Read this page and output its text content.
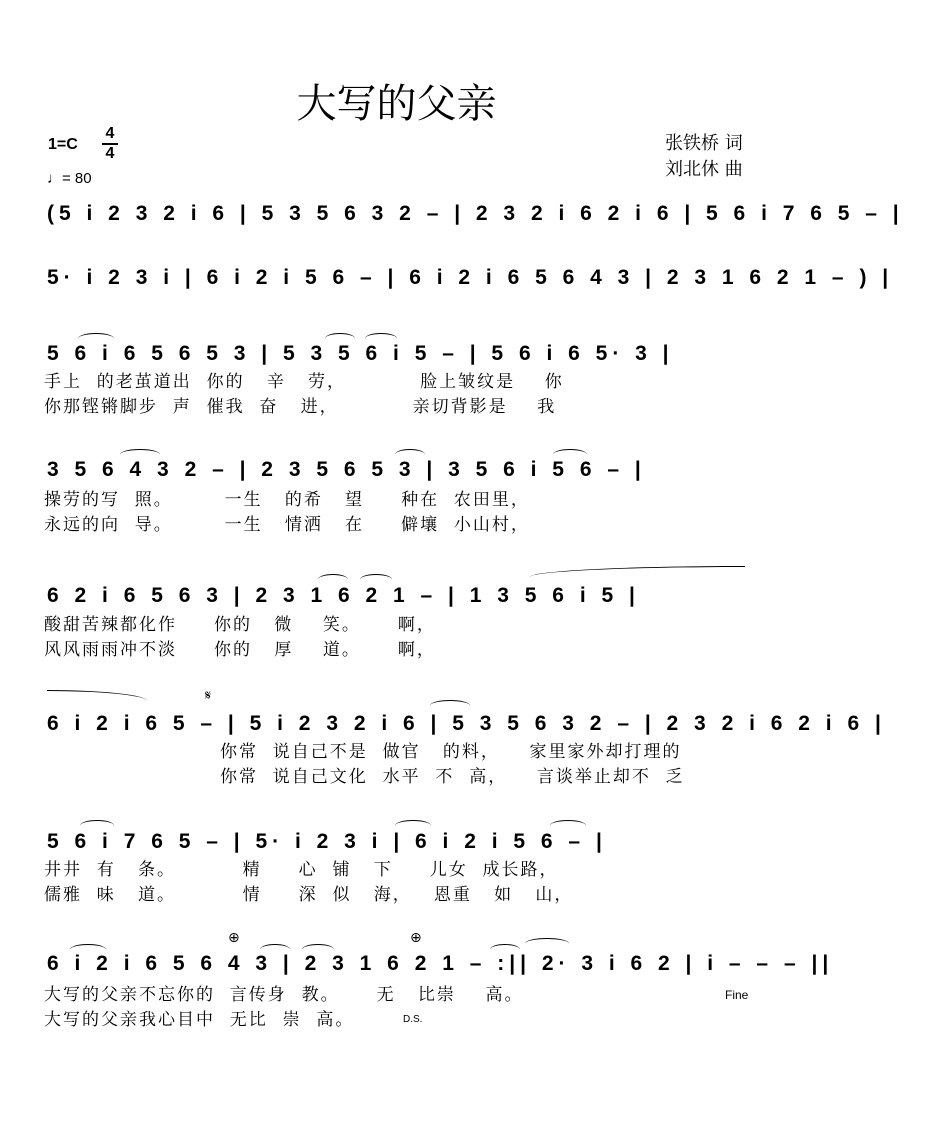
大写的父亲
1=C
4
4
♩= 80
张铁桥 词
刘北休 曲
(5 i 2 3 2 i 6 | 5 3 5 6 3 2 – | 2 3 2 i 6 2 i 6 | 5 6 i 7 6 5 – |
5· i 2 3 i | 6 i 2 i 5 6 – | 6 i 2 i 6 5 6 4 3 | 2 3 1 6 2 1 – ) |
5 6 i 6 5 6 5 3 | 5 3 5 6 i 5 – | 5 6 i 6 5· 3 |
手上  的老茧道出  你的   辛   劳，          脸上皱纹是    你
你那铿锵脚步  声  催我  奋   进，          亲切背影是    我
3 5 6 4 3 2 – | 2 3 5 6 5 3 | 3 5 6 i 5 6 – |
操劳的写  照。       一生   的希   望     种在  农田里，
永远的向  导。       一生   情洒   在     僻壤  小山村，
6 2 i 6 5 6 3 | 2 3 1 6 2 1 – | 1 3 5 6 i 5 |
酸甜苦辣都化作     你的   微    笑。     啊，
风风雨雨冲不淡     你的   厚    道。     啊，
𝄋
6 i 2 i 6 5 – | 5 i 2 3 2 i 6 | 5 3 5 6 3 2 – | 2 3 2 i 6 2 i 6 |
你常  说自己不是  做官   的料，    家里家外却打理的
你常  说自己文化  水平  不  高，    言谈举止却不  乏
5 6 i 7 6 5 – | 5· i 2 3 i | 6 i 2 i 5 6 – |
井井  有   条。         精     心  铺   下     儿女  成长路，
儒雅  味   道。         情     深  似   海，   恩重   如   山，
⊕	⊕
6 i 2 i 6 5 6 4 3 | 2 3 1 6 2 1 – :|| 2· 3 i 6 2 | i – – – ||
大写的父亲不忘你的  言传身  教。     无   比崇    高。
大写的父亲我心目中  无比  崇  高。
Fine
D.S.
